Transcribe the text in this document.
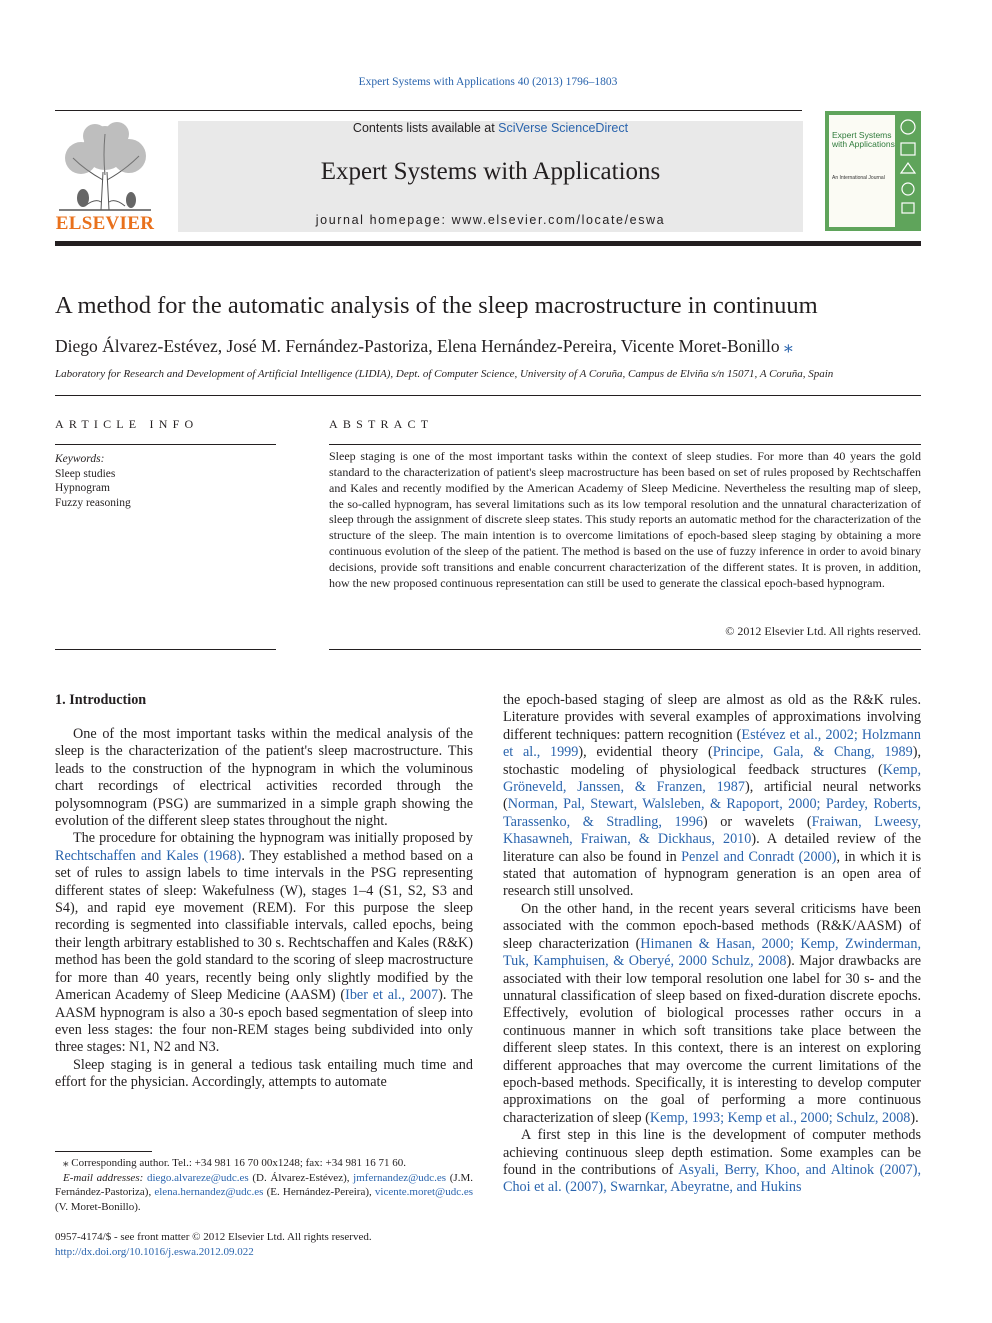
Expert Systems with Applications 40 (2013) 1796–1803
ELSEVIER
Contents lists available at SciVerse ScienceDirect
Expert Systems with Applications
journal homepage: www.elsevier.com/locate/eswa
Expert Systems with Applications
An International Journal
A method for the automatic analysis of the sleep macrostructure in continuum
Diego Álvarez-Estévez, José M. Fernández-Pastoriza, Elena Hernández-Pereira, Vicente Moret-Bonillo ⁎
Laboratory for Research and Development of Artificial Intelligence (LIDIA), Dept. of Computer Science, University of A Coruña, Campus de Elviña s/n 15071, A Coruña, Spain
ARTICLE INFO
Keywords:
Sleep studies
Hypnogram
Fuzzy reasoning
ABSTRACT
Sleep staging is one of the most important tasks within the context of sleep studies. For more than 40 years the gold standard to the characterization of patient's sleep macrostructure has been based on set of rules proposed by Rechtschaffen and Kales and recently modified by the American Academy of Sleep Medicine. Nevertheless the resulting map of sleep, the so-called hypnogram, has several limitations such as its low temporal resolution and the unnatural characterization of sleep through the assignment of discrete sleep states. This study reports an automatic method for the characterization of the structure of the sleep. The main intention is to overcome limitations of epoch-based sleep staging by obtaining a more continuous evolution of the sleep of the patient. The method is based on the use of fuzzy inference in order to avoid binary decisions, provide soft transitions and enable concurrent characterization of the different states. It is proven, in addition, how the new proposed continuous representation can still be used to generate the classical epoch-based hypnogram.
© 2012 Elsevier Ltd. All rights reserved.
1. Introduction

One of the most important tasks within the medical analysis of the sleep is the characterization of the patient's sleep macrostructure. This leads to the construction of the hypnogram in which the voluminous chart recordings of electrical activities recorded through the polysomnogram (PSG) are summarized in a simple graph showing the evolution of the different sleep states throughout the night.

The procedure for obtaining the hypnogram was initially proposed by Rechtschaffen and Kales (1968). They established a method based on a set of rules to assign labels to time intervals in the PSG representing different states of sleep: Wakefulness (W), stages 1–4 (S1, S2, S3 and S4), and rapid eye movement (REM). For this purpose the sleep recording is segmented into classifiable intervals, called epochs, being their length arbitrary established to 30 s. Rechtschaffen and Kales (R&K) method has been the gold standard to the scoring of sleep macrostructure for more than 40 years, recently being only slightly modified by the American Academy of Sleep Medicine (AASM) (Iber et al., 2007). The AASM hypnogram is also a 30-s epoch based segmentation of sleep into even less stages: the four non-REM stages being subdivided into only three stages: N1, N2 and N3.

Sleep staging is in general a tedious task entailing much time and effort for the physician. Accordingly, attempts to automate

the epoch-based staging of sleep are almost as old as the R&K rules. Literature provides with several examples of approximations involving different techniques: pattern recognition (Estévez et al., 2002; Holzmann et al., 1999), evidential theory (Principe, Gala, & Chang, 1989), stochastic modeling of physiological feedback structures (Kemp, Gröneveld, Janssen, & Franzen, 1987), artificial neural networks (Norman, Pal, Stewart, Walsleben, & Rapoport, 2000; Pardey, Roberts, Tarassenko, & Stradling, 1996) or wavelets (Fraiwan, Lweesy, Khasawneh, Fraiwan, & Dickhaus, 2010). A detailed review of the literature can also be found in Penzel and Conradt (2000), in which it is stated that automation of hypnogram generation is an open area of research still unsolved.

On the other hand, in the recent years several criticisms have been associated with the common epoch-based methods (R&K/AASM) of sleep characterization (Himanen & Hasan, 2000; Kemp, Zwinderman, Tuk, Kamphuisen, & Oberyé, 2000 Schulz, 2008). Major drawbacks are associated with their low temporal resolution one label for 30 s- and the unnatural classification of sleep based on fixed-duration discrete epochs. Effectively, evolution of biological processes rather occurs in a continuous manner in which soft transitions take place between the different sleep states. In this context, there is an interest on exploring different approaches that may overcome the current limitations of the epoch-based methods. Specifically, it is interesting to develop computer approximations on the goal of performing a more continuous characterization of sleep (Kemp, 1993; Kemp et al., 2000; Schulz, 2008).

A first step in this line is the development of computer methods achieving continuous sleep depth estimation. Some examples can be found in the contributions of Asyali, Berry, Khoo, and Altinok (2007), Choi et al. (2007), Swarnkar, Abeyratne, and Hukins

⁎ Corresponding author. Tel.: +34 981 16 70 00x1248; fax: +34 981 16 71 60.
E-mail addresses: diego.alvareze@udc.es (D. Álvarez-Estévez), jmfernandez@udc.es (J.M. Fernández-Pastoriza), elena.hernandez@udc.es (E. Hernández-Pereira), vicente.moret@udc.es (V. Moret-Bonillo).
0957-4174/$ - see front matter © 2012 Elsevier Ltd. All rights reserved.
http://dx.doi.org/10.1016/j.eswa.2012.09.022
